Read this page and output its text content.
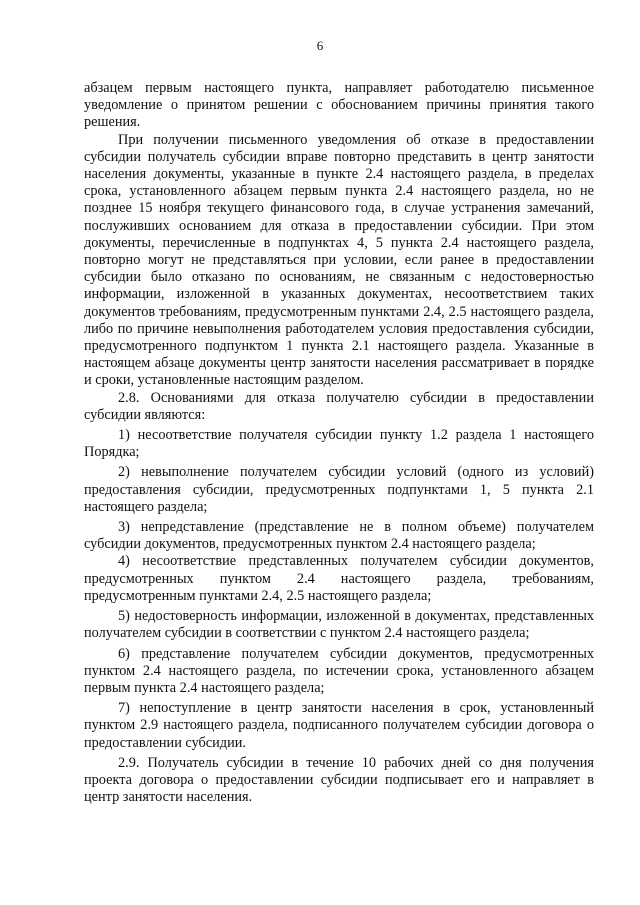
6

абзацем первым настоящего пункта, направляет работодателю письменное уведомление о принятом решении с обоснованием причины принятия такого решения.

При получении письменного уведомления об отказе в предоставлении субсидии получатель субсидии вправе повторно представить в центр занятости населения документы, указанные в пункте 2.4 настоящего раздела, в пределах срока, установленного абзацем первым пункта 2.4 настоящего раздела, но не позднее 15 ноября текущего финансового года, в случае устранения замечаний, послуживших основанием для отказа в предоставлении субсидии. При этом документы, перечисленные в подпунктах 4, 5 пункта 2.4 настоящего раздела, повторно могут не представляться при условии, если ранее в предоставлении субсидии было отказано по основаниям, не связанным с недостоверностью информации, изложенной в указанных документах, несоответствием таких документов требованиям, предусмотренным пунктами 2.4, 2.5 настоящего раздела, либо по причине невыполнения работодателем условия предоставления субсидии, предусмотренного подпунктом 1 пункта 2.1 настоящего раздела. Указанные в настоящем абзаце документы центр занятости населения рассматривает в порядке и сроки, установленные настоящим разделом.

2.8. Основаниями для отказа получателю субсидии в предоставлении субсидии являются:

1) несоответствие получателя субсидии пункту 1.2 раздела 1 настоящего Порядка;

2) невыполнение получателем субсидии условий (одного из условий) предоставления субсидии, предусмотренных подпунктами 1, 5 пункта 2.1 настоящего раздела;

3) непредставление (представление не в полном объеме) получателем субсидии документов, предусмотренных пунктом 2.4 настоящего раздела;

4) несоответствие представленных получателем субсидии документов, предусмотренных пунктом 2.4 настоящего раздела, требованиям, предусмотренным пунктами 2.4, 2.5 настоящего раздела;

5) недостоверность информации, изложенной в документах, представленных получателем субсидии в соответствии с пунктом 2.4 настоящего раздела;

6) представление получателем субсидии документов, предусмотренных пунктом 2.4 настоящего раздела, по истечении срока, установленного абзацем первым пункта 2.4 настоящего раздела;

7) непоступление в центр занятости населения в срок, установленный пунктом 2.9 настоящего раздела, подписанного получателем субсидии договора о предоставлении субсидии.

2.9. Получатель субсидии в течение 10 рабочих дней со дня получения проекта договора о предоставлении субсидии подписывает его и направляет в центр занятости населения.
